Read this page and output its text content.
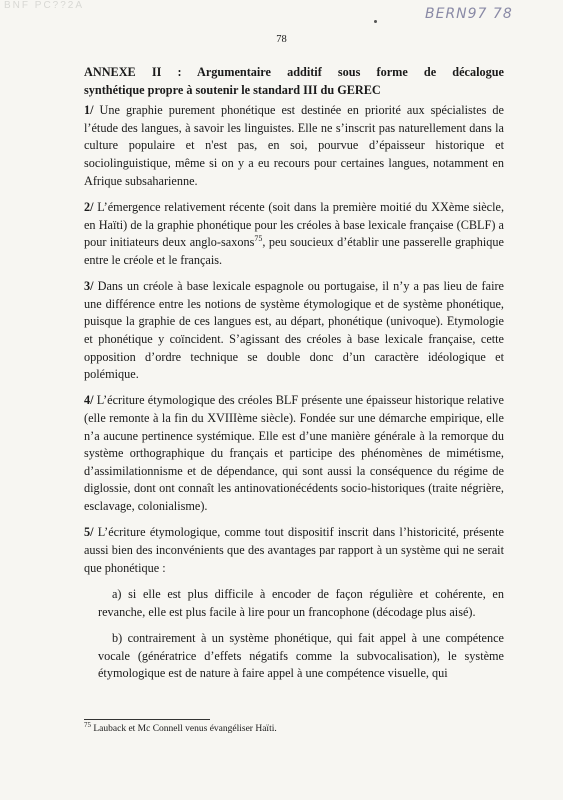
BNF PC??2A
BERN97 78
78
ANNEXE II : Argumentaire additif sous forme de décalogue
synthétique propre à soutenir le standard III du GEREC

1/ Une graphie purement phonétique est destinée en priorité aux spécialistes de l’étude des langues, à savoir les linguistes. Elle ne s’inscrit pas naturellement dans la culture populaire et n'est pas, en soi, pourvue d’épaisseur historique et sociolinguistique, même si on y a eu recours pour certaines langues, notamment en Afrique subsaharienne.

2/ L’émergence relativement récente (soit dans la première moitié du XXème siècle, en Haïti) de la graphie phonétique pour les créoles à base lexicale française (CBLF) a pour initiateurs deux anglo-saxons$^{75}$, peu soucieux d’établir une passerelle graphique entre le créole et le français.

3/ Dans un créole à base lexicale espagnole ou portugaise, il n’y a pas lieu de faire une différence entre les notions de système étymologique et de système phonétique, puisque la graphie de ces langues est, au départ, phonétique (univoque). Etymologie et phonétique y coïncident. S’agissant des créoles à base lexicale française, cette opposition d’ordre technique se double donc d’un caractère idéologique et polémique.

4/ L’écriture étymologique des créoles BLF présente une épaisseur historique relative (elle remonte à la fin du XVIIIème siècle). Fondée sur une démarche empirique, elle n’a aucune pertinence systémique. Elle est d’une manière générale à la remorque du système orthographique du français et participe des phénomènes de mimétisme, d’assimilationnisme et de dépendance, qui sont aussi la conséquence du régime de diglossie, dont ont connaît les antinovationécédents socio-historiques (traite négrière, esclavage, colonialisme).

5/ L’écriture étymologique, comme tout dispositif inscrit dans l’historicité, présente aussi bien des inconvénients que des avantages par rapport à un système qui ne serait que phonétique :

a) si elle est plus difficile à encoder de façon régulière et cohérente, en revanche, elle est plus facile à lire pour un francophone (décodage plus aisé).

b) contrairement à un système phonétique, qui fait appel à une compétence vocale (génératrice d’effets négatifs comme la subvocalisation), le système étymologique est de nature à faire appel à une compétence visuelle, qui

$^{75}$ Lauback et Mc Connell venus évangéliser Haïti.
